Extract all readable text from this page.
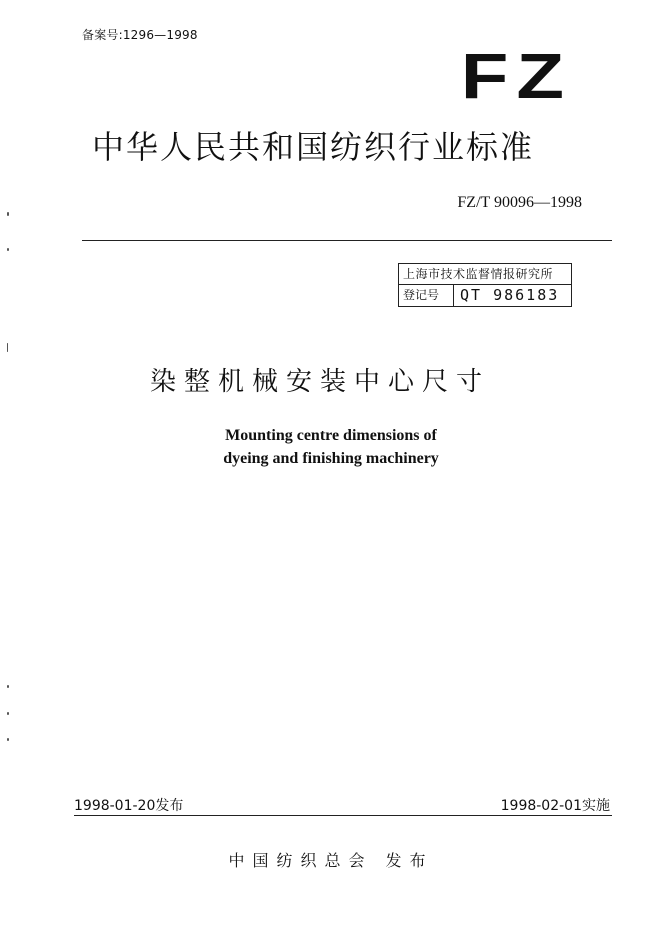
备案号:1296—1998
FZ
中华人民共和国纺织行业标准
FZ/T 90096—1998
上海市技术监督情报研究所
登记号	QT 986183
染整机械安装中心尺寸
Mounting centre dimensions of
dyeing and finishing machinery
1998-01-20发布	1998-02-01实施
中国纺织总会 发布
